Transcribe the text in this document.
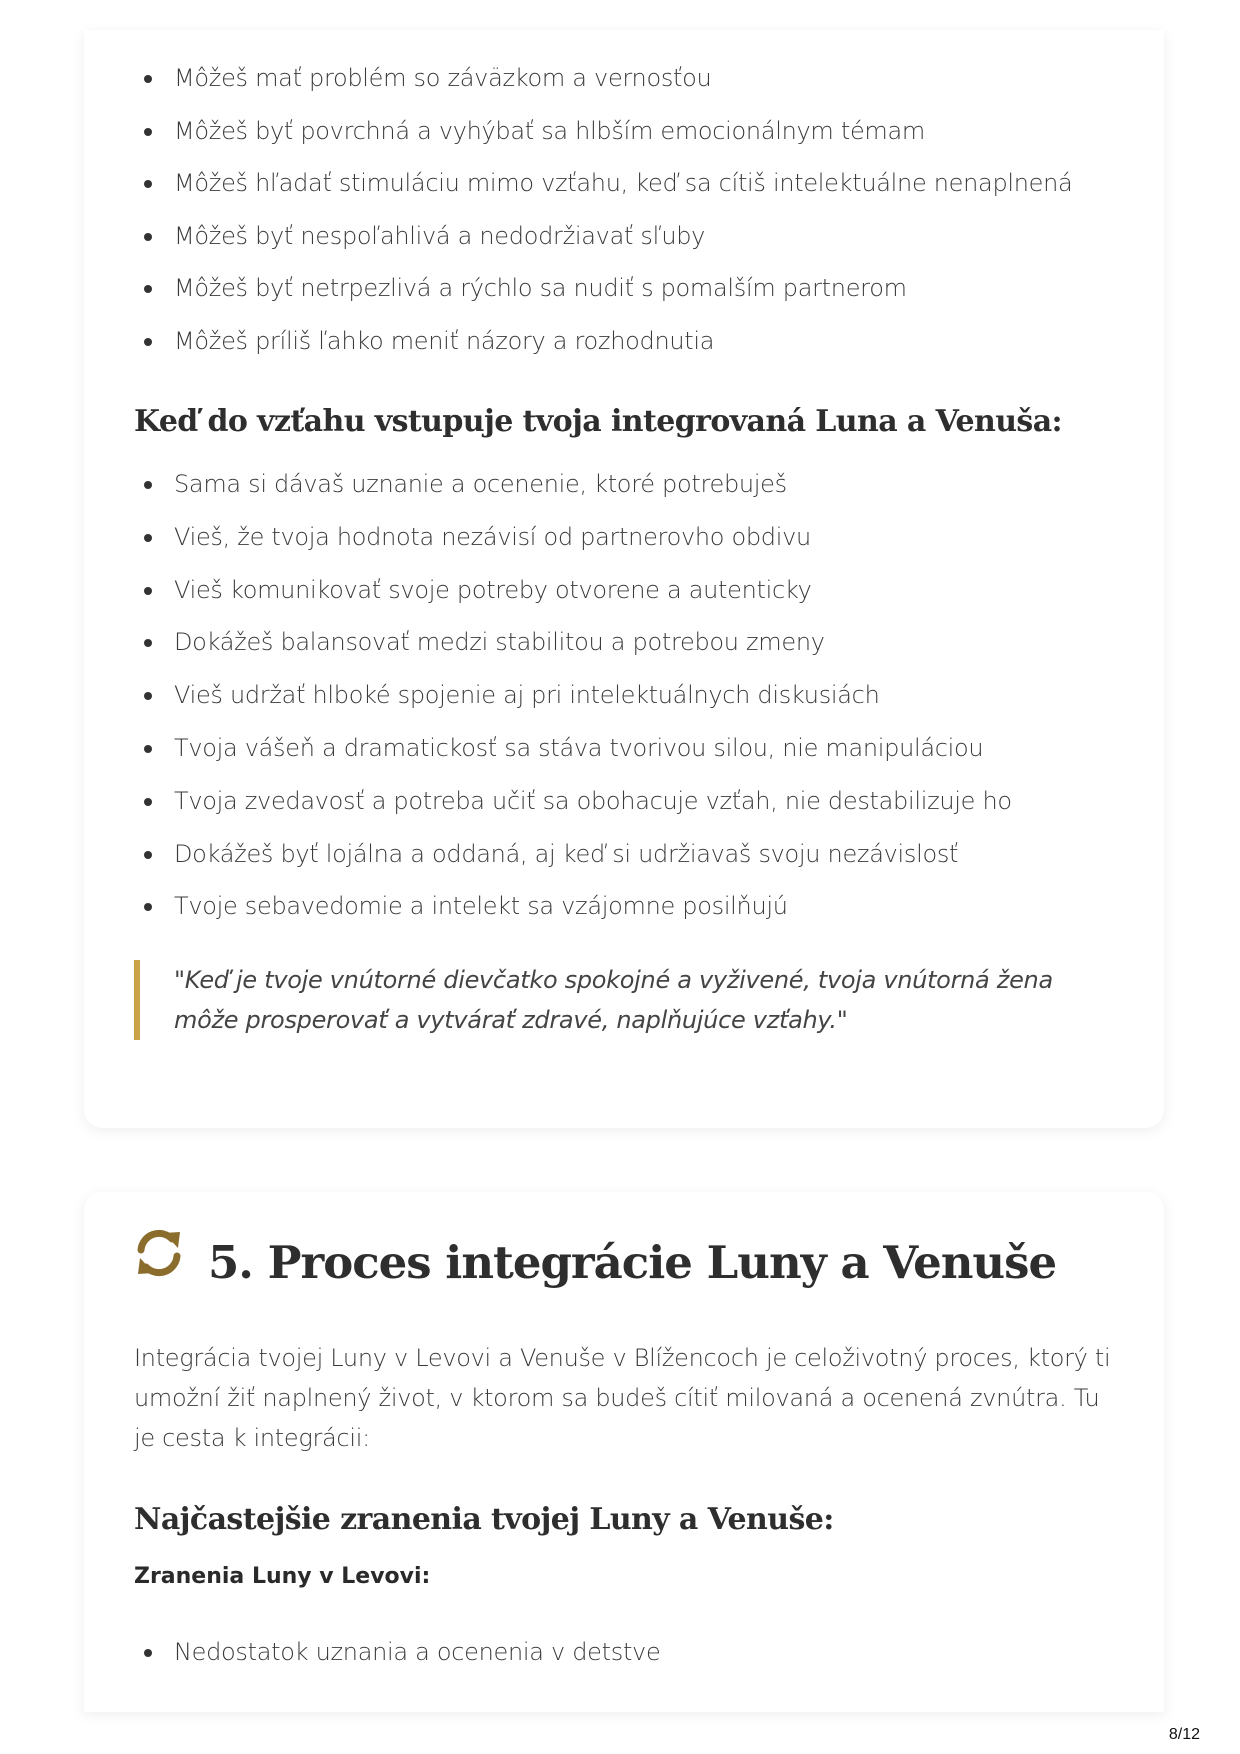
Môžeš mať problém so záväzkom a vernosťou
Môžeš byť povrchná a vyhýbať sa hlbším emocionálnym témam
Môžeš hľadať stimuláciu mimo vzťahu, keď sa cítiš intelektuálne nenaplnená
Môžeš byť nespoľahlivá a nedodržiavať sľuby
Môžeš byť netrpezlivá a rýchlo sa nudiť s pomalším partnerom
Môžeš príliš ľahko meniť názory a rozhodnutia
Keď do vzťahu vstupuje tvoja integrovaná Luna a Venuša:
Sama si dávaš uznanie a ocenenie, ktoré potrebuješ
Vieš, že tvoja hodnota nezávisí od partnerovho obdivu
Vieš komunikovať svoje potreby otvorene a autenticky
Dokážeš balansovať medzi stabilitou a potrebou zmeny
Vieš udržať hlboké spojenie aj pri intelektuálnych diskusiách
Tvoja vášeň a dramatickosť sa stáva tvorivou silou, nie manipuláciou
Tvoja zvedavosť a potreba učiť sa obohacuje vzťah, nie destabilizuje ho
Dokážeš byť lojálna a oddaná, aj keď si udržiavaš svoju nezávislosť
Tvoje sebavedomie a intelekt sa vzájomne posilňujú
"Keď je tvoje vnútorné dievčatko spokojné a vyživené, tvoja vnútorná žena môže prosperovať a vytvárať zdravé, naplňujúce vzťahy."
5. Proces integrácie Luny a Venuše
Integrácia tvojej Luny v Levovi a Venuše v Blížencoch je celoživotný proces, ktorý ti umožní žiť naplnený život, v ktorom sa budeš cítiť milovaná a ocenená zvnútra. Tu je cesta k integrácii:
Najčastejšie zranenia tvojej Luny a Venuše:
Zranenia Luny v Levovi:
Nedostatok uznania a ocenenia v detstve
8/12
